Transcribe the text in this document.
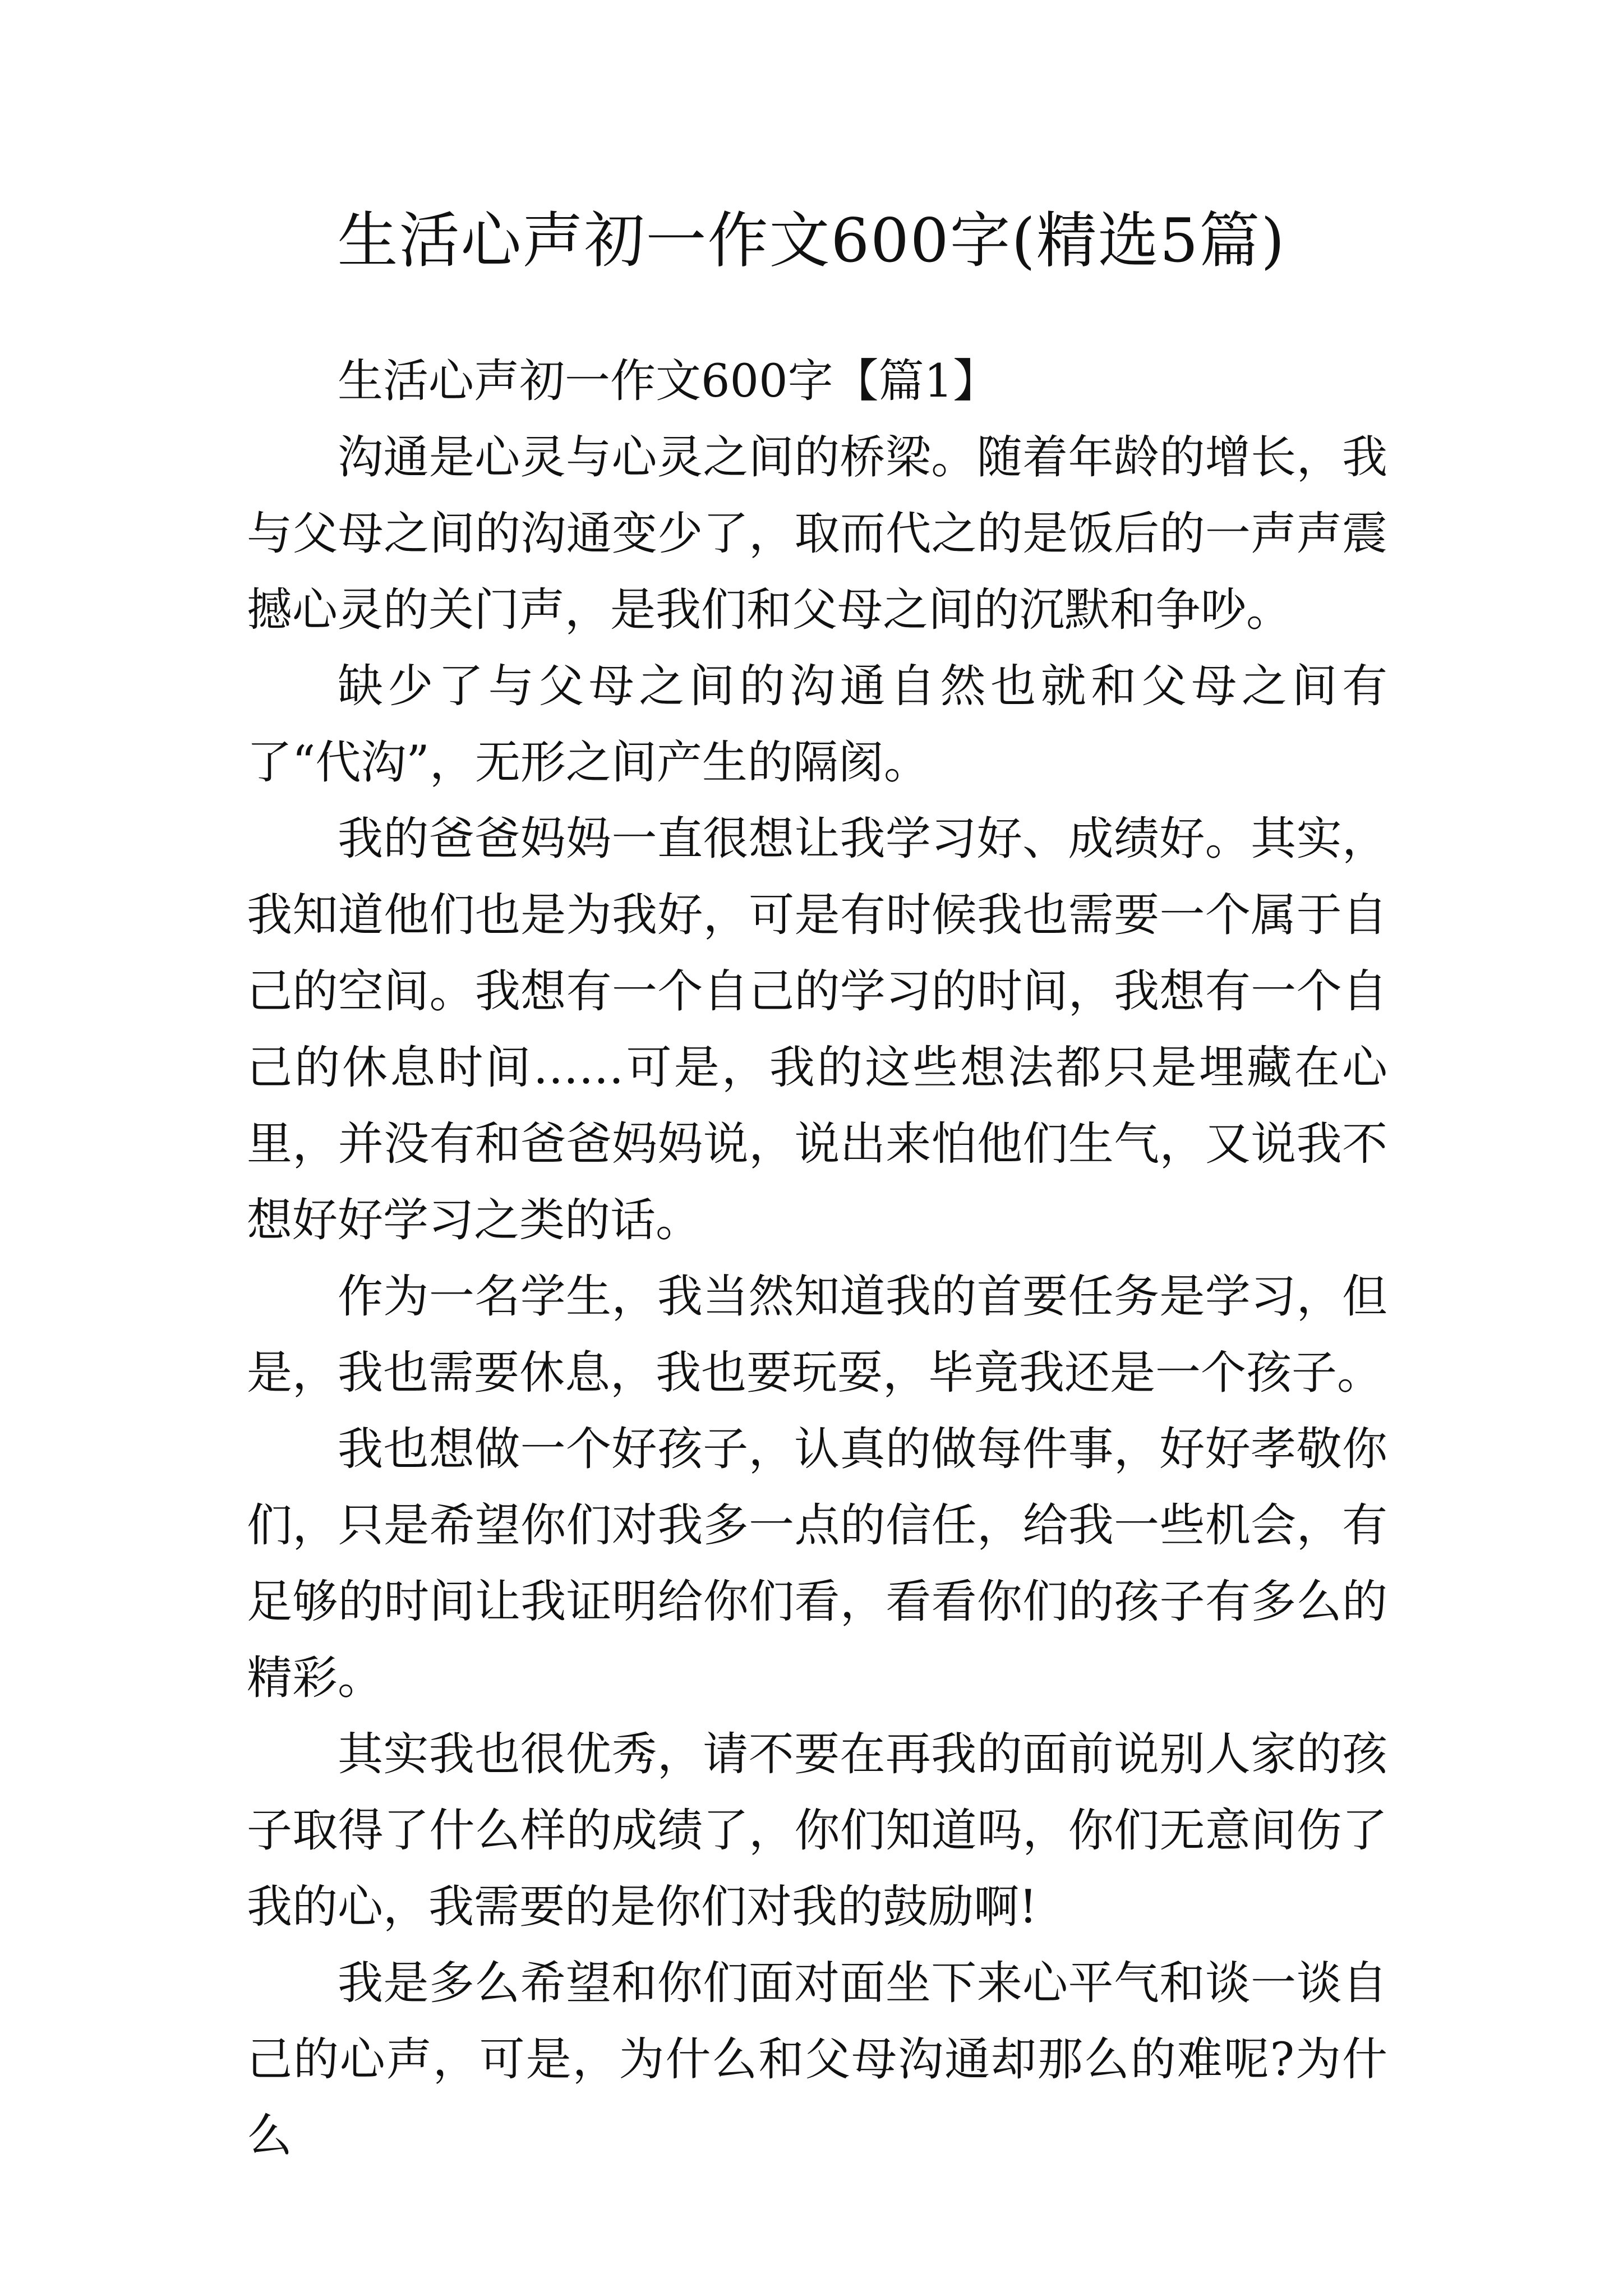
生活心声初一作文600字(精选5篇)

生活心声初一作文600字【篇1】

沟通是心灵与心灵之间的桥梁。随着年龄的增长，我与父母之间的沟通变少了，取而代之的是饭后的一声声震撼心灵的关门声，是我们和父母之间的沉默和争吵。

缺少了与父母之间的沟通自然也就和父母之间有了“代沟”，无形之间产生的隔阂。

我的爸爸妈妈一直很想让我学习好、成绩好。其实，我知道他们也是为我好，可是有时候我也需要一个属于自己的空间。我想有一个自己的学习的时间，我想有一个自己的休息时间……可是，我的这些想法都只是埋藏在心里，并没有和爸爸妈妈说，说出来怕他们生气，又说我不想好好学习之类的话。

作为一名学生，我当然知道我的首要任务是学习，但是，我也需要休息，我也要玩耍，毕竟我还是一个孩子。

我也想做一个好孩子，认真的做每件事，好好孝敬你们，只是希望你们对我多一点的信任，给我一些机会，有足够的时间让我证明给你们看，看看你们的孩子有多么的精彩。

其实我也很优秀，请不要在再我的面前说别人家的孩子取得了什么样的成绩了，你们知道吗，你们无意间伤了我的心，我需要的是你们对我的鼓励啊!

我是多么希望和你们面对面坐下来心平气和谈一谈自己的心声，可是，为什么和父母沟通却那么的难呢?为什么
